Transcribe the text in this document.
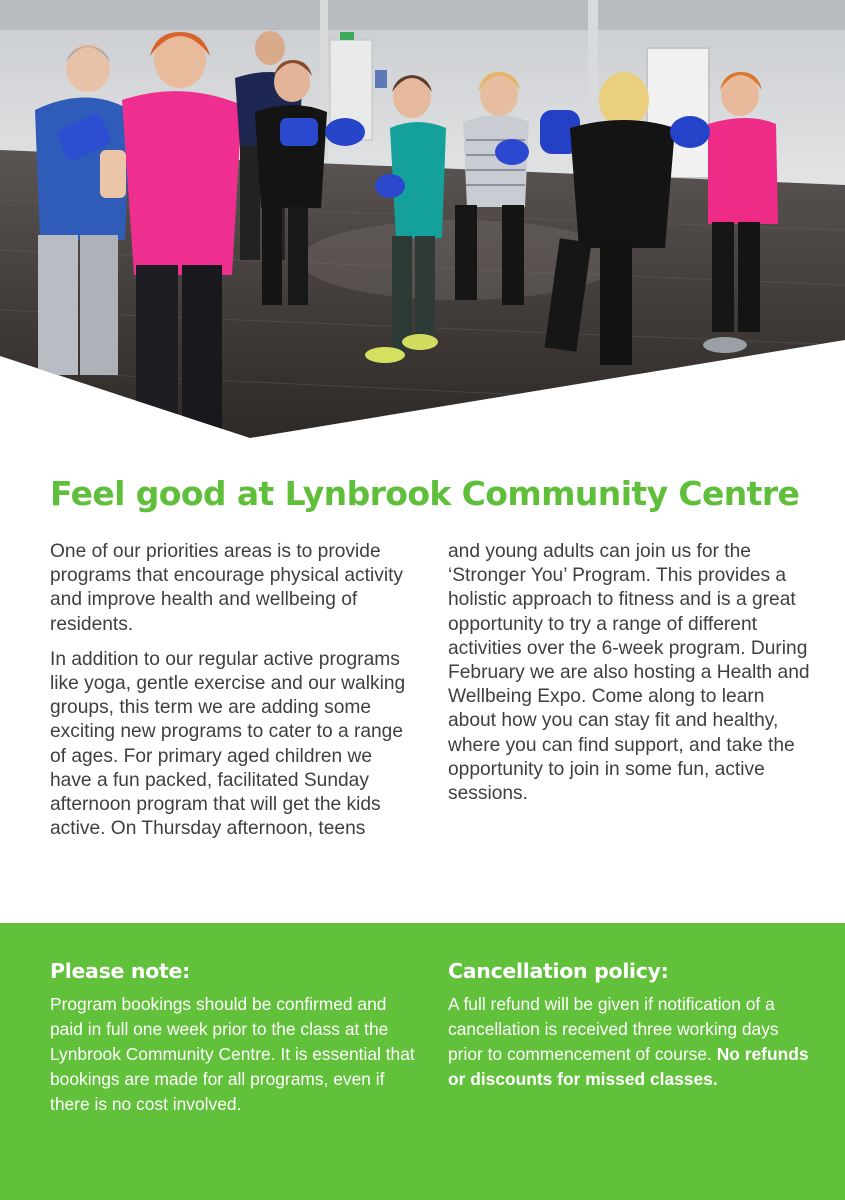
Feel good at Lynbrook Community Centre

One of our priorities areas is to provide programs that encourage physical activity and improve health and wellbeing of residents.

In addition to our regular active programs like yoga, gentle exercise and our walking groups, this term we are adding some exciting new programs to cater to a range of ages. For primary aged children we have a fun packed, facilitated Sunday afternoon program that will get the kids active. On Thursday afternoon, teens

and young adults can join us for the ‘Stronger You’ Program. This provides a holistic approach to fitness and is a great opportunity to try a range of different activities over the 6-week program. During February we are also hosting a Health and Wellbeing Expo. Come along to learn about how you can stay fit and healthy, where you can find support, and take the opportunity to join in some fun, active sessions.

Please note:

Program bookings should be confirmed and paid in full one week prior to the class at the Lynbrook Community Centre. It is essential that bookings are made for all programs, even if there is no cost involved.

Cancellation policy:

A full refund will be given if notification of a cancellation is received three working days prior to commencement of course. No refunds or discounts for missed classes.
